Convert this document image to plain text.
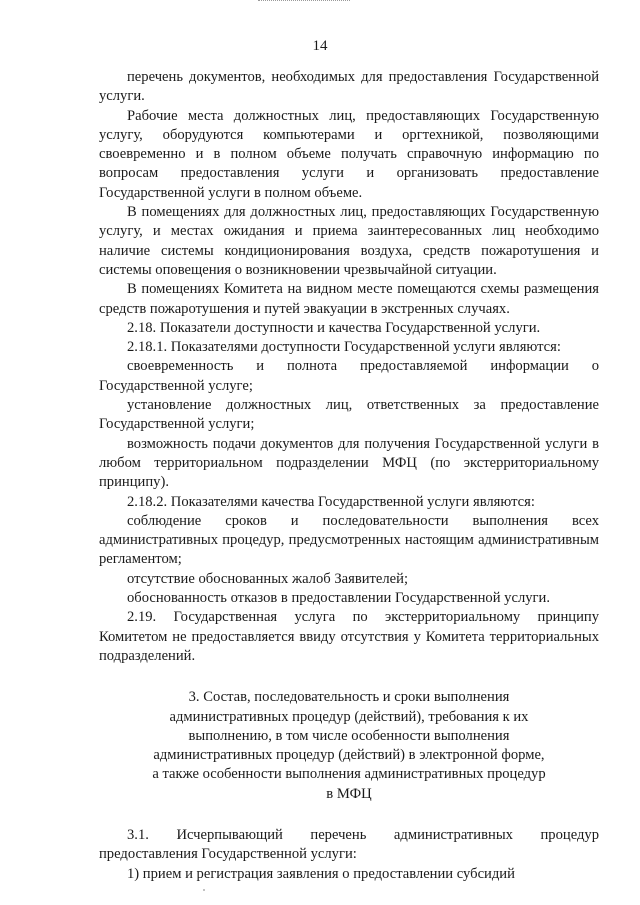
14

перечень документов, необходимых для предоставления Государственной услуги.

Рабочие места должностных лиц, предоставляющих Государственную услугу, оборудуются компьютерами и оргтехникой, позволяющими своевременно и в полном объеме получать справочную информацию по вопросам предоставления услуги и организовать предоставление Государственной услуги в полном объеме.

В помещениях для должностных лиц, предоставляющих Государственную услугу, и местах ожидания и приема заинтересованных лиц необходимо наличие системы кондиционирования воздуха, средств пожаротушения и системы оповещения о возникновении чрезвычайной ситуации.

В помещениях Комитета на видном месте помещаются схемы размещения средств пожаротушения и путей эвакуации в экстренных случаях.

2.18. Показатели доступности и качества Государственной услуги.

2.18.1. Показателями доступности Государственной услуги являются:

своевременность и полнота предоставляемой информации о Государственной услуге;

установление должностных лиц, ответственных за предоставление Государственной услуги;

возможность подачи документов для получения Государственной услуги в любом территориальном подразделении МФЦ (по экстерриториальному принципу).

2.18.2. Показателями качества Государственной услуги являются:

соблюдение сроков и последовательности выполнения всех административных процедур, предусмотренных настоящим административным регламентом;

отсутствие обоснованных жалоб Заявителей;

обоснованность отказов в предоставлении Государственной услуги.

2.19. Государственная услуга по экстерриториальному принципу Комитетом не предоставляется ввиду отсутствия у Комитета территориальных подразделений.

3. Состав, последовательность и сроки выполнения

административных процедур (действий), требования к их

выполнению, в том числе особенности выполнения

административных процедур (действий) в электронной форме,

а также особенности выполнения административных процедур

в МФЦ

3.1. Исчерпывающий перечень административных процедур предоставления Государственной услуги:

1) прием и регистрация заявления о предоставлении субсидий
